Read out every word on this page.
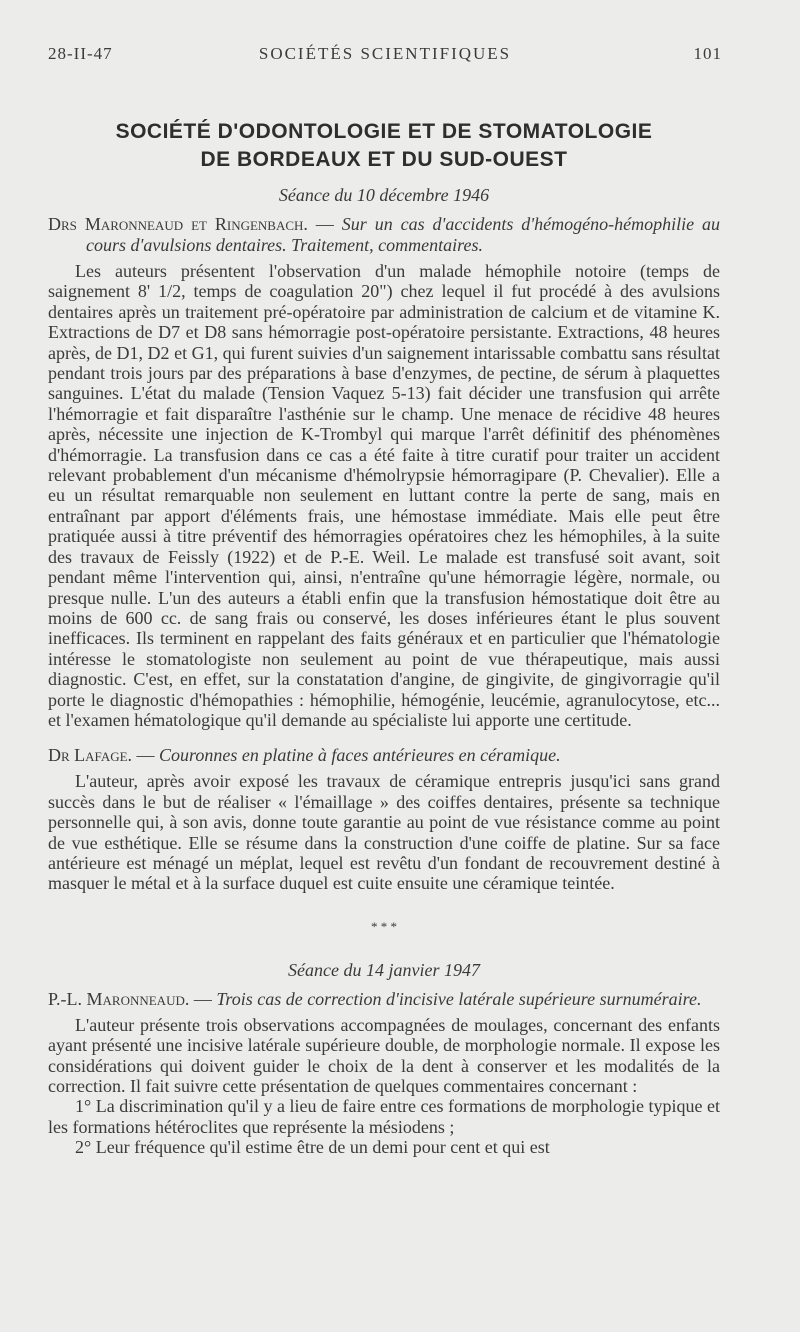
28-II-47	SOCIÉTÉS SCIENTIFIQUES	101
SOCIÉTÉ D'ODONTOLOGIE ET DE STOMATOLOGIE
DE BORDEAUX ET DU SUD-OUEST

Séance du 10 décembre 1946

Drs Maronneaud et Ringenbach. — Sur un cas d'accidents d'hémogéno-hémophilie au cours d'avulsions dentaires. Traitement, commentaires.

Les auteurs présentent l'observation d'un malade hémophile notoire (temps de saignement 8' 1/2, temps de coagulation 20") chez lequel il fut procédé à des avulsions dentaires après un traitement pré-opératoire par administration de calcium et de vitamine K. Extractions de D7 et D8 sans hémorragie post-opératoire persistante. Extractions, 48 heures après, de D1, D2 et G1, qui furent suivies d'un saignement intarissable combattu sans résultat pendant trois jours par des préparations à base d'enzymes, de pectine, de sérum à plaquettes sanguines. L'état du malade (Tension Vaquez 5-13) fait décider une transfusion qui arrête l'hémorragie et fait disparaître l'asthénie sur le champ. Une menace de récidive 48 heures après, nécessite une injection de K-Trombyl qui marque l'arrêt définitif des phénomènes d'hémorragie. La transfusion dans ce cas a été faite à titre curatif pour traiter un accident relevant probablement d'un mécanisme d'hémolrypsie hémorragipare (P. Chevalier). Elle a eu un résultat remarquable non seulement en luttant contre la perte de sang, mais en entraînant par apport d'éléments frais, une hémostase immédiate. Mais elle peut être pratiquée aussi à titre préventif des hémorragies opératoires chez les hémophiles, à la suite des travaux de Feissly (1922) et de P.-E. Weil. Le malade est transfusé soit avant, soit pendant même l'intervention qui, ainsi, n'entraîne qu'une hémorragie légère, normale, ou presque nulle. L'un des auteurs a établi enfin que la transfusion hémostatique doit être au moins de 600 cc. de sang frais ou conservé, les doses inférieures étant le plus souvent inefficaces. Ils terminent en rappelant des faits généraux et en particulier que l'hématologie intéresse le stomatologiste non seulement au point de vue thérapeutique, mais aussi diagnostic. C'est, en effet, sur la constatation d'angine, de gingivite, de gingivorragie qu'il porte le diagnostic d'hémopathies : hémophilie, hémogénie, leucémie, agranulocytose, etc... et l'examen hématologique qu'il demande au spécialiste lui apporte une certitude.

Dr Lafage. — Couronnes en platine à faces antérieures en céramique.

L'auteur, après avoir exposé les travaux de céramique entrepris jusqu'ici sans grand succès dans le but de réaliser « l'émaillage » des coiffes dentaires, présente sa technique personnelle qui, à son avis, donne toute garantie au point de vue résistance comme au point de vue esthétique. Elle se résume dans la construction d'une coiffe de platine. Sur sa face antérieure est ménagé un méplat, lequel est revêtu d'un fondant de recouvrement destiné à masquer le métal et à la surface duquel est cuite ensuite une céramique teintée.

* * *

Séance du 14 janvier 1947

P.-L. Maronneaud. — Trois cas de correction d'incisive latérale supérieure surnuméraire.

L'auteur présente trois observations accompagnées de moulages, concernant des enfants ayant présenté une incisive latérale supérieure double, de morphologie normale. Il expose les considérations qui doivent guider le choix de la dent à conserver et les modalités de la correction. Il fait suivre cette présentation de quelques commentaires concernant :

1° La discrimination qu'il y a lieu de faire entre ces formations de morphologie typique et les formations hétéroclites que représente la mésiodens ;

2° Leur fréquence qu'il estime être de un demi pour cent et qui est
